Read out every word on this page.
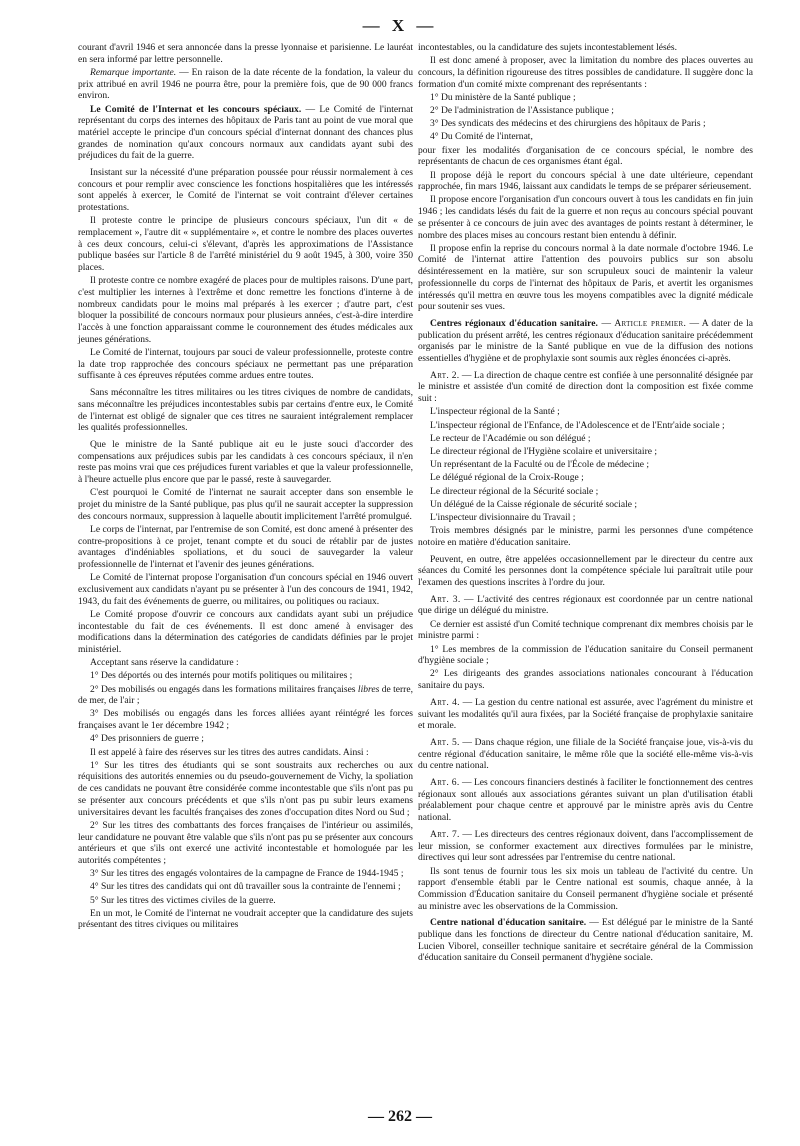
— X —

courant d'avril 1946 et sera annoncée dans la presse lyonnaise et parisienne. Le lauréat en sera informé par lettre personnelle.

Remarque importante. — En raison de la date récente de la fondation, la valeur du prix attribué en avril 1946 ne pourra être, pour la première fois, que de 90 000 francs environ.

Le Comité de l'Internat et les concours spéciaux. — Le Comité de l'internat représentant du corps des internes des hôpitaux de Paris tant au point de vue moral que matériel accepte le principe d'un concours spécial d'internat donnant des chances plus grandes de nomination qu'aux concours normaux aux candidats ayant subi des préjudices du fait de la guerre.

Insistant sur la nécessité d'une préparation poussée pour réussir normalement à ces concours et pour remplir avec conscience les fonctions hospitalières que les intéressés sont appelés à exercer, le Comité de l'internat se voit contraint d'élever certaines protestations.

Il proteste contre le principe de plusieurs concours spéciaux, l'un dit « de remplacement », l'autre dit « supplémentaire », et contre le nombre des places ouvertes à ces deux concours, celui-ci s'élevant, d'après les approximations de l'Assistance publique basées sur l'article 8 de l'arrêté ministériel du 9 août 1945, à 300, voire 350 places.

Il proteste contre ce nombre exagéré de places pour de multiples raisons. D'une part, c'est multiplier les internes à l'extrême et donc remettre les fonctions d'interne à de nombreux candidats pour le moins mal préparés à les exercer ; d'autre part, c'est bloquer la possibilité de concours normaux pour plusieurs années, c'est-à-dire interdire l'accès à une fonction apparaissant comme le couronnement des études médicales aux jeunes générations.

Le Comité de l'internat, toujours par souci de valeur professionnelle, proteste contre la date trop rapprochée des concours spéciaux ne permettant pas une préparation suffisante à ces épreuves réputées comme ardues entre toutes.

Sans méconnaître les titres militaires ou les titres civiques de nombre de candidats, sans méconnaître les préjudices incontestables subis par certains d'entre eux, le Comité de l'internat est obligé de signaler que ces titres ne sauraient intégralement remplacer les qualités professionnelles.

Que le ministre de la Santé publique ait eu le juste souci d'accorder des compensations aux préjudices subis par les candidats à ces concours spéciaux, il n'en reste pas moins vrai que ces préjudices furent variables et que la valeur professionnelle, à l'heure actuelle plus encore que par le passé, reste à sauvegarder.

C'est pourquoi le Comité de l'internat ne saurait accepter dans son ensemble le projet du ministre de la Santé publique, pas plus qu'il ne saurait accepter la suppression des concours normaux, suppression à laquelle aboutit implicitement l'arrêté promulgué.

Le corps de l'internat, par l'entremise de son Comité, est donc amené à présenter des contre-propositions à ce projet, tenant compte et du souci de rétablir par de justes avantages d'indéniables spoliations, et du souci de sauvegarder la valeur professionnelle de l'internat et l'avenir des jeunes générations.

Le Comité de l'internat propose l'organisation d'un concours spécial en 1946 ouvert exclusivement aux candidats n'ayant pu se présenter à l'un des concours de 1941, 1942, 1943, du fait des événements de guerre, ou militaires, ou politiques ou raciaux.

Le Comité propose d'ouvrir ce concours aux candidats ayant subi un préjudice incontestable du fait de ces événements. Il est donc amené à envisager des modifications dans la détermination des catégories de candidats définies par le projet ministériel.

Acceptant sans réserve la candidature :

1° Des déportés ou des internés pour motifs politiques ou militaires ;

2° Des mobilisés ou engagés dans les formations militaires françaises libres de terre, de mer, de l'air ;

3° Des mobilisés ou engagés dans les forces alliées ayant réintégré les forces françaises avant le 1er décembre 1942 ;

4° Des prisonniers de guerre ;

Il est appelé à faire des réserves sur les titres des autres candidats. Ainsi :

1° Sur les titres des étudiants qui se sont soustraits aux recherches ou aux réquisitions des autorités ennemies ou du pseudo-gouvernement de Vichy, la spoliation de ces candidats ne pouvant être considérée comme incontestable que s'ils n'ont pas pu se présenter aux concours précédents et que s'ils n'ont pas pu subir leurs examens universitaires devant les facultés françaises des zones d'occupation dites Nord ou Sud ;

2° Sur les titres des combattants des forces françaises de l'intérieur ou assimilés, leur candidature ne pouvant être valable que s'ils n'ont pas pu se présenter aux concours antérieurs et que s'ils ont exercé une activité incontestable et homologuée par les autorités compétentes ;

3° Sur les titres des engagés volontaires de la campagne de France de 1944-1945 ;

4° Sur les titres des candidats qui ont dû travailler sous la contrainte de l'ennemi ;

5° Sur les titres des victimes civiles de la guerre.

En un mot, le Comité de l'internat ne voudrait accepter que la candidature des sujets présentant des titres civiques ou militaires

incontestables, ou la candidature des sujets incontestablement lésés.

Il est donc amené à proposer, avec la limitation du nombre des places ouvertes au concours, la définition rigoureuse des titres possibles de candidature. Il suggère donc la formation d'un comité mixte comprenant des représentants :

1° Du ministère de la Santé publique ;

2° De l'administration de l'Assistance publique ;

3° Des syndicats des médecins et des chirurgiens des hôpitaux de Paris ;

4° Du Comité de l'internat,

pour fixer les modalités d'organisation de ce concours spécial, le nombre des représentants de chacun de ces organismes étant égal.

Il propose déjà le report du concours spécial à une date ultérieure, cependant rapprochée, fin mars 1946, laissant aux candidats le temps de se préparer sérieusement.

Il propose encore l'organisation d'un concours ouvert à tous les candidats en fin juin 1946 ; les candidats lésés du fait de la guerre et non reçus au concours spécial pouvant se présenter à ce concours de juin avec des avantages de points restant à déterminer, le nombre des places mises au concours restant bien entendu à définir.

Il propose enfin la reprise du concours normal à la date normale d'octobre 1946. Le Comité de l'internat attire l'attention des pouvoirs publics sur son absolu désintéressement en la matière, sur son scrupuleux souci de maintenir la valeur professionnelle du corps de l'internat des hôpitaux de Paris, et avertit les organismes intéressés qu'il mettra en œuvre tous les moyens compatibles avec la dignité médicale pour soutenir ses vues.

Centres régionaux d'éducation sanitaire. — Article premier. — A dater de la publication du présent arrêté, les centres régionaux d'éducation sanitaire précédemment organisés par le ministre de la Santé publique en vue de la diffusion des notions essentielles d'hygiène et de prophylaxie sont soumis aux règles énoncées ci-après.

Art. 2. — La direction de chaque centre est confiée à une personnalité désignée par le ministre et assistée d'un comité de direction dont la composition est fixée comme suit :

L'inspecteur régional de la Santé ;

L'inspecteur régional de l'Enfance, de l'Adolescence et de l'Entr'aide sociale ;

Le recteur de l'Académie ou son délégué ;

Le directeur régional de l'Hygiène scolaire et universitaire ;

Un représentant de la Faculté ou de l'École de médecine ;

Le délégué régional de la Croix-Rouge ;

Le directeur régional de la Sécurité sociale ;

Un délégué de la Caisse régionale de sécurité sociale ;

L'inspecteur divisionnaire du Travail ;

Trois membres désignés par le ministre, parmi les personnes d'une compétence notoire en matière d'éducation sanitaire.

Peuvent, en outre, être appelées occasionnellement par le directeur du centre aux séances du Comité les personnes dont la compétence spéciale lui paraîtrait utile pour l'examen des questions inscrites à l'ordre du jour.

Art. 3. — L'activité des centres régionaux est coordonnée par un centre national que dirige un délégué du ministre.

Ce dernier est assisté d'un Comité technique comprenant dix membres choisis par le ministre parmi :

1° Les membres de la commission de l'éducation sanitaire du Conseil permanent d'hygiène sociale ;

2° Les dirigeants des grandes associations nationales concourant à l'éducation sanitaire du pays.

Art. 4. — La gestion du centre national est assurée, avec l'agrément du ministre et suivant les modalités qu'il aura fixées, par la Société française de prophylaxie sanitaire et morale.

Art. 5. — Dans chaque région, une filiale de la Société française joue, vis-à-vis du centre régional d'éducation sanitaire, le même rôle que la société elle-même vis-à-vis du centre national.

Art. 6. — Les concours financiers destinés à faciliter le fonctionnement des centres régionaux sont alloués aux associations gérantes suivant un plan d'utilisation établi préalablement pour chaque centre et approuvé par le ministre après avis du Centre national.

Art. 7. — Les directeurs des centres régionaux doivent, dans l'accomplissement de leur mission, se conformer exactement aux directives formulées par le ministre, directives qui leur sont adressées par l'entremise du centre national.

Ils sont tenus de fournir tous les six mois un tableau de l'activité du centre. Un rapport d'ensemble établi par le Centre national est soumis, chaque année, à la Commission d'Éducation sanitaire du Conseil permanent d'hygiène sociale et présenté au ministre avec les observations de la Commission.

Centre national d'éducation sanitaire. — Est délégué par le ministre de la Santé publique dans les fonctions de directeur du Centre national d'éducation sanitaire, M. Lucien Viborel, conseiller technique sanitaire et secrétaire général de la Commission d'éducation sanitaire du Conseil permanent d'hygiène sociale.

— 262 —
